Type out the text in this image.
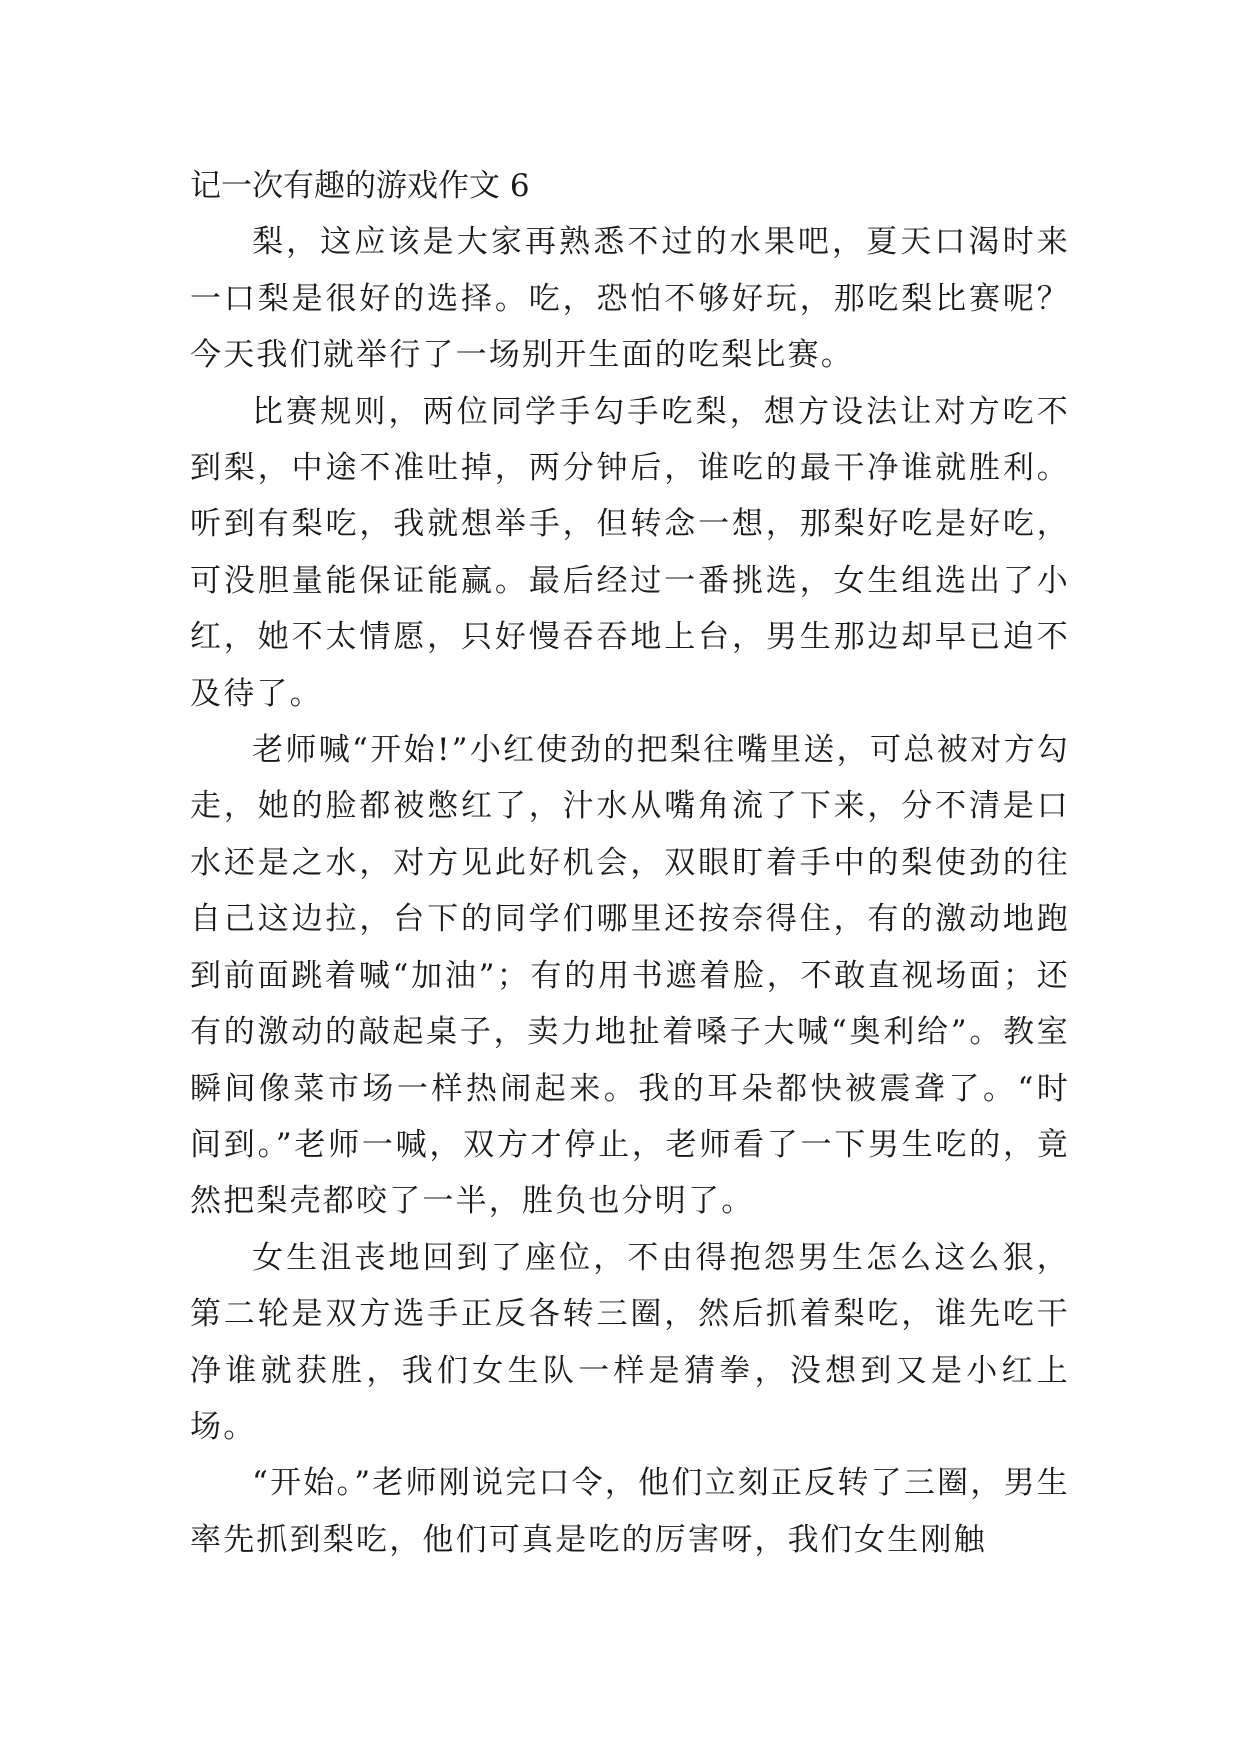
记一次有趣的游戏作文 6

梨，这应该是大家再熟悉不过的水果吧，夏天口渴时来一口梨是很好的选择。吃，恐怕不够好玩，那吃梨比赛呢？今天我们就举行了一场别开生面的吃梨比赛。

比赛规则，两位同学手勾手吃梨，想方设法让对方吃不到梨，中途不准吐掉，两分钟后，谁吃的最干净谁就胜利。听到有梨吃，我就想举手，但转念一想，那梨好吃是好吃，可没胆量能保证能赢。最后经过一番挑选，女生组选出了小红，她不太情愿，只好慢吞吞地上台，男生那边却早已迫不及待了。

老师喊“开始!”小红使劲的把梨往嘴里送，可总被对方勾走，她的脸都被憋红了，汁水从嘴角流了下来，分不清是口水还是之水，对方见此好机会，双眼盯着手中的梨使劲的往自己这边拉，台下的同学们哪里还按奈得住，有的激动地跑到前面跳着喊“加油”；有的用书遮着脸，不敢直视场面；还有的激动的敲起桌子，卖力地扯着嗓子大喊“奥利给”。教室瞬间像菜市场一样热闹起来。我的耳朵都快被震聋了。“时间到。”老师一喊，双方才停止，老师看了一下男生吃的，竟然把梨壳都咬了一半，胜负也分明了。

女生沮丧地回到了座位，不由得抱怨男生怎么这么狠，第二轮是双方选手正反各转三圈，然后抓着梨吃，谁先吃干净谁就获胜，我们女生队一样是猜拳，没想到又是小红上场。

“开始。”老师刚说完口令，他们立刻正反转了三圈，男生率先抓到梨吃，他们可真是吃的厉害呀，我们女生刚触
